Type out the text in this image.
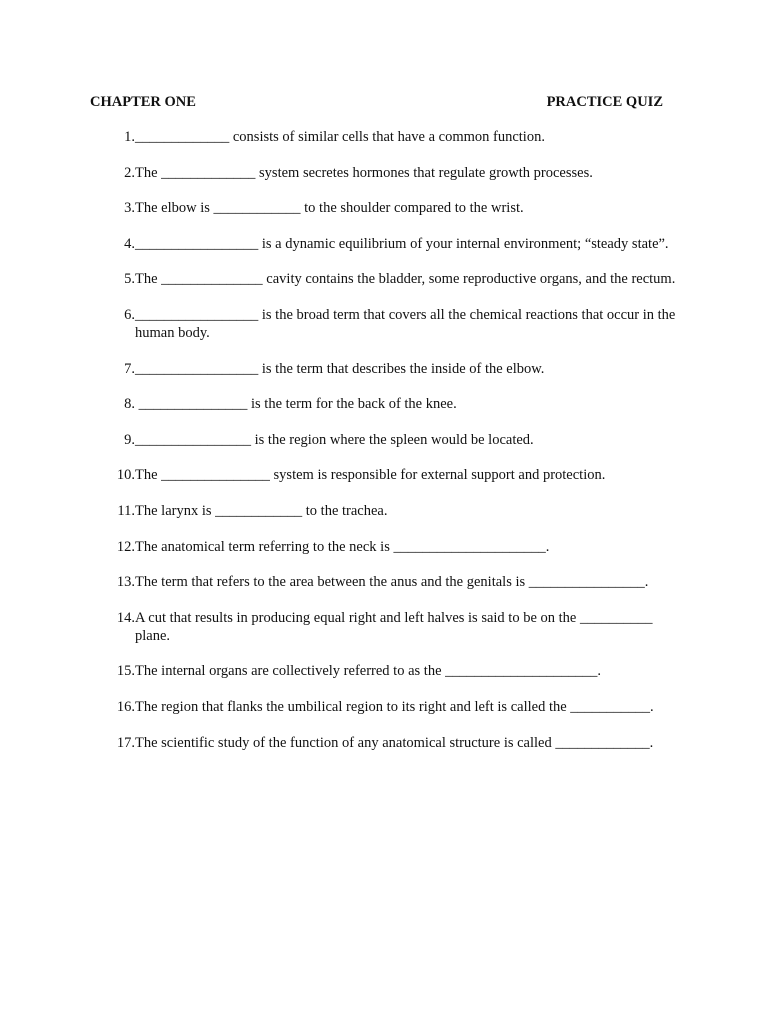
CHAPTER ONE	PRACTICE QUIZ
1. _____________ consists of similar cells that have a common function.
2. The _____________ system secretes hormones that regulate growth processes.
3. The elbow is ____________ to the shoulder compared to the wrist.
4. _________________ is a dynamic equilibrium of your internal environment; “steady state”.
5. The ______________ cavity contains the bladder, some reproductive organs, and the rectum.
6. _________________ is the broad term that covers all the chemical reactions that occur in the human body.
7. _________________ is the term that describes the inside of the elbow.
8. _______________ is the term for the back of the knee.
9. ________________ is the region where the spleen would be located.
10. The _______________ system is responsible for external support and protection.
11. The larynx is ____________ to the trachea.
12. The anatomical term referring to the neck is _____________________.
13. The term that refers to the area between the anus and the genitals is ________________.
14. A cut that results in producing equal right and left halves is said to be on the __________ plane.
15. The internal organs are collectively referred to as the _____________________.
16. The region that flanks the umbilical region to its right and left is called the ___________.
17. The scientific study of the function of any anatomical structure is called _____________.
